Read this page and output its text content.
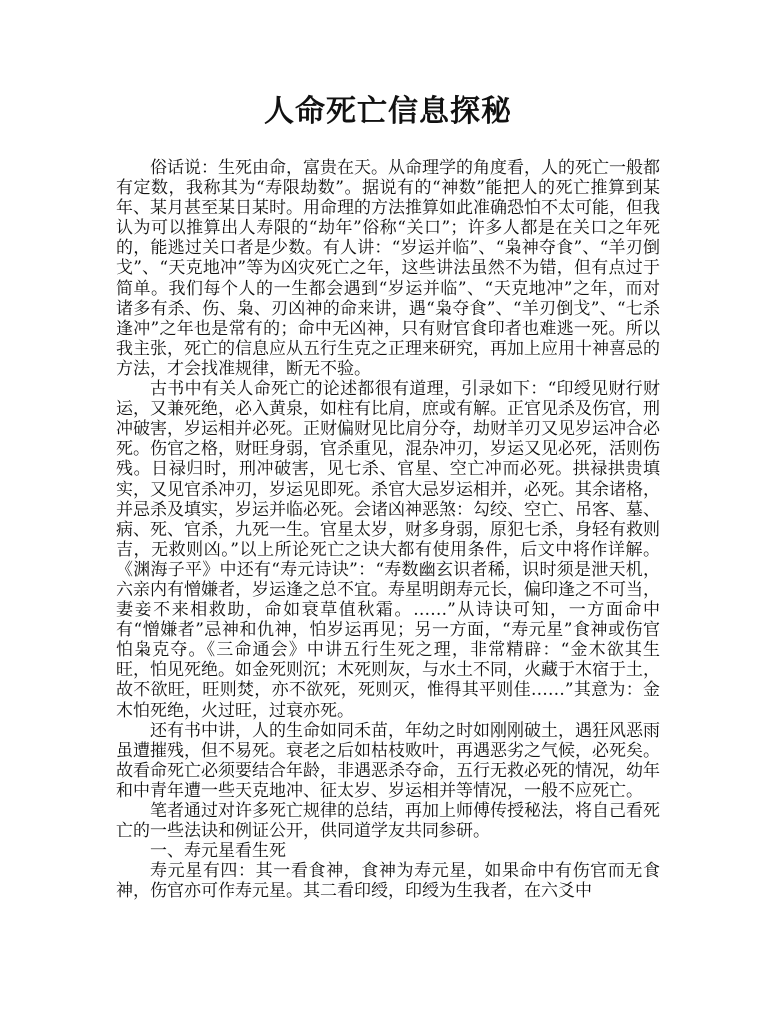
人命死亡信息探秘

俗话说：生死由命，富贵在天。从命理学的角度看，人的死亡一般都有定数，我称其为“寿限劫数”。据说有的“神数”能把人的死亡推算到某年、某月甚至某日某时。用命理的方法推算如此准确恐怕不太可能，但我认为可以推算出人寿限的“劫年”俗称“关口”；许多人都是在关口之年死的，能逃过关口者是少数。有人讲：“岁运并临”、“枭神夺食”、“羊刃倒戈”、“天克地冲”等为凶灾死亡之年，这些讲法虽然不为错，但有点过于简单。我们每个人的一生都会遇到“岁运并临”、“天克地冲”之年，而对诸多有杀、伤、枭、刃凶神的命来讲，遇“枭夺食”、“羊刃倒戈”、“七杀逢冲”之年也是常有的；命中无凶神，只有财官食印者也难逃一死。所以我主张，死亡的信息应从五行生克之正理来研究，再加上应用十神喜忌的方法，才会找准规律，断无不验。

古书中有关人命死亡的论述都很有道理，引录如下：“印绶见财行财运，又兼死绝，必入黄泉，如柱有比肩，庶或有解。正官见杀及伤官，刑冲破害，岁运相并必死。正财偏财见比肩分夺，劫财羊刃又见岁运冲合必死。伤官之格，财旺身弱，官杀重见，混杂冲刃，岁运又见必死，活则伤残。日禄归时，刑冲破害，见七杀、官星、空亡冲而必死。拱禄拱贵填实，又见官杀冲刃，岁运见即死。杀官大忌岁运相并，必死。其余诸格，并忌杀及填实，岁运并临必死。会诸凶神恶煞：勾绞、空亡、吊客、墓、病、死、官杀，九死一生。官星太岁，财多身弱，原犯七杀，身轻有救则吉，无救则凶。”以上所论死亡之诀大都有使用条件，后文中将作详解。《渊海子平》中还有“寿元诗诀”：“寿数幽玄识者稀，识时须是泄天机，六亲内有憎嫌者，岁运逢之总不宜。寿星明朗寿元长，偏印逢之不可当，妻妾不来相救助，命如衰草值秋霜。……”从诗诀可知，一方面命中有“憎嫌者”忌神和仇神，怕岁运再见；另一方面，“寿元星”食神或伤官怕枭克夺。《三命通会》中讲五行生死之理，非常精辟：“金木欲其生旺，怕见死绝。如金死则沉；木死则灰，与水土不同，火藏于木宿于土，故不欲旺，旺则焚，亦不欲死，死则灭，惟得其平则佳……”其意为：金木怕死绝，火过旺，过衰亦死。

还有书中讲，人的生命如同禾苗，年幼之时如刚刚破土，遇狂风恶雨虽遭摧残，但不易死。衰老之后如枯枝败叶，再遇恶劣之气候，必死矣。故看命死亡必须要结合年龄，非遇恶杀夺命，五行无救必死的情况，幼年和中青年遭一些天克地冲、征太岁、岁运相并等情况，一般不应死亡。

笔者通过对许多死亡规律的总结，再加上师傅传授秘法，将自己看死亡的一些法诀和例证公开，供同道学友共同参研。

一、寿元星看生死

寿元星有四：其一看食神，食神为寿元星，如果命中有伤官而无食神，伤官亦可作寿元星。其二看印绶，印绶为生我者，在六爻中
